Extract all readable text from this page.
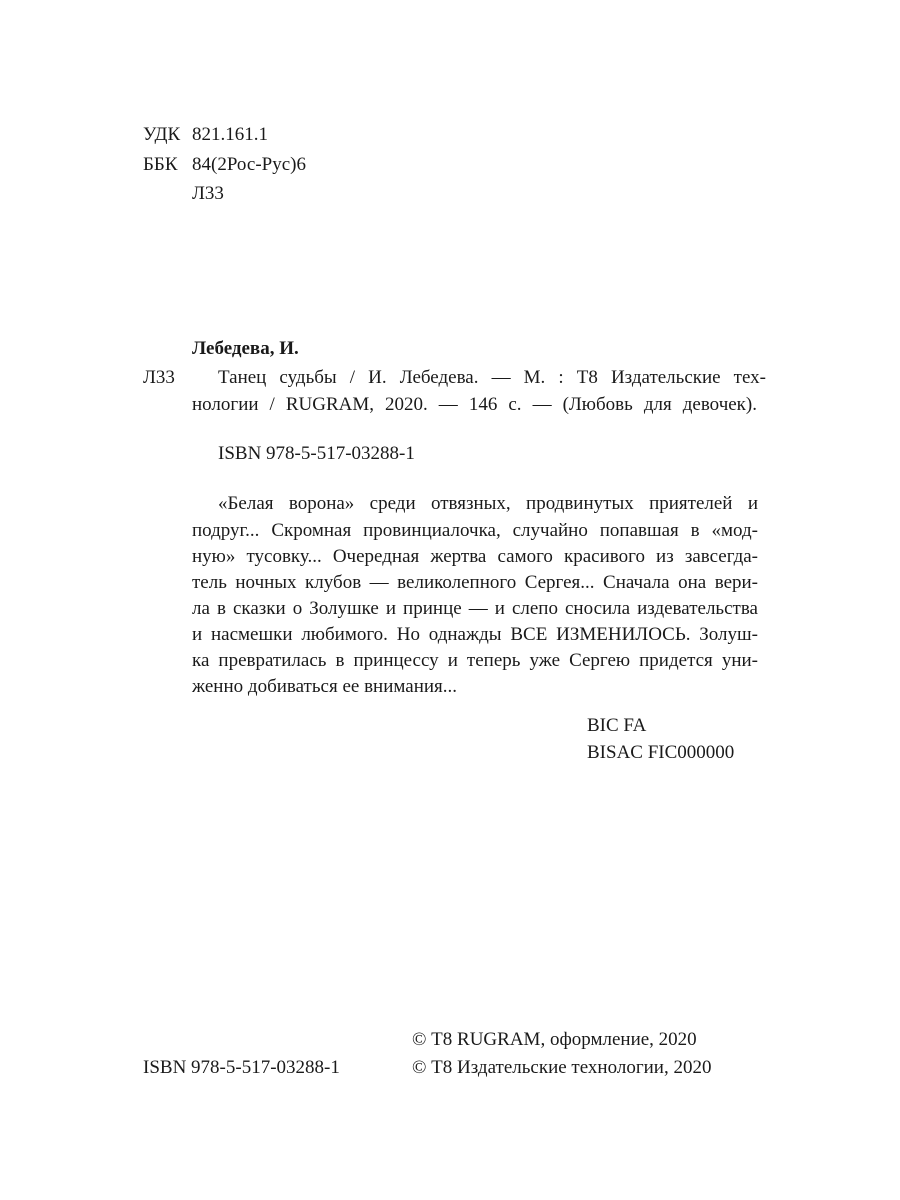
УДК 821.161.1
ББК 84(2Рос-Рус)6
Л33
Лебедева, И.
Л33 Танец судьбы / И. Лебедева. — М. : Т8 Издательские тех-
нологии / RUGRAM, 2020. — 146 с. — (Любовь для девочек).
ISBN 978-5-517-03288-1
«Белая ворона» среди отвязных, продвинутых приятелей и
подруг... Скромная провинциалочка, случайно попавшая в «мод-
ную» тусовку... Очередная жертва самого красивого из завсегда-
тель ночных клубов — великолепного Сергея... Сначала она вери-
ла в сказки о Золушке и принце — и слепо сносила издевательства
и насмешки любимого. Но однажды ВСЕ ИЗМЕНИЛОСЬ. Золуш-
ка превратилась в принцессу и теперь уже Сергею придется уни-
женно добиваться ее внимания...
BIC FA
BISAC FIC000000
© Т8 RUGRAM, оформление, 2020
ISBN 978-5-517-03288-1	© Т8 Издательские технологии, 2020
